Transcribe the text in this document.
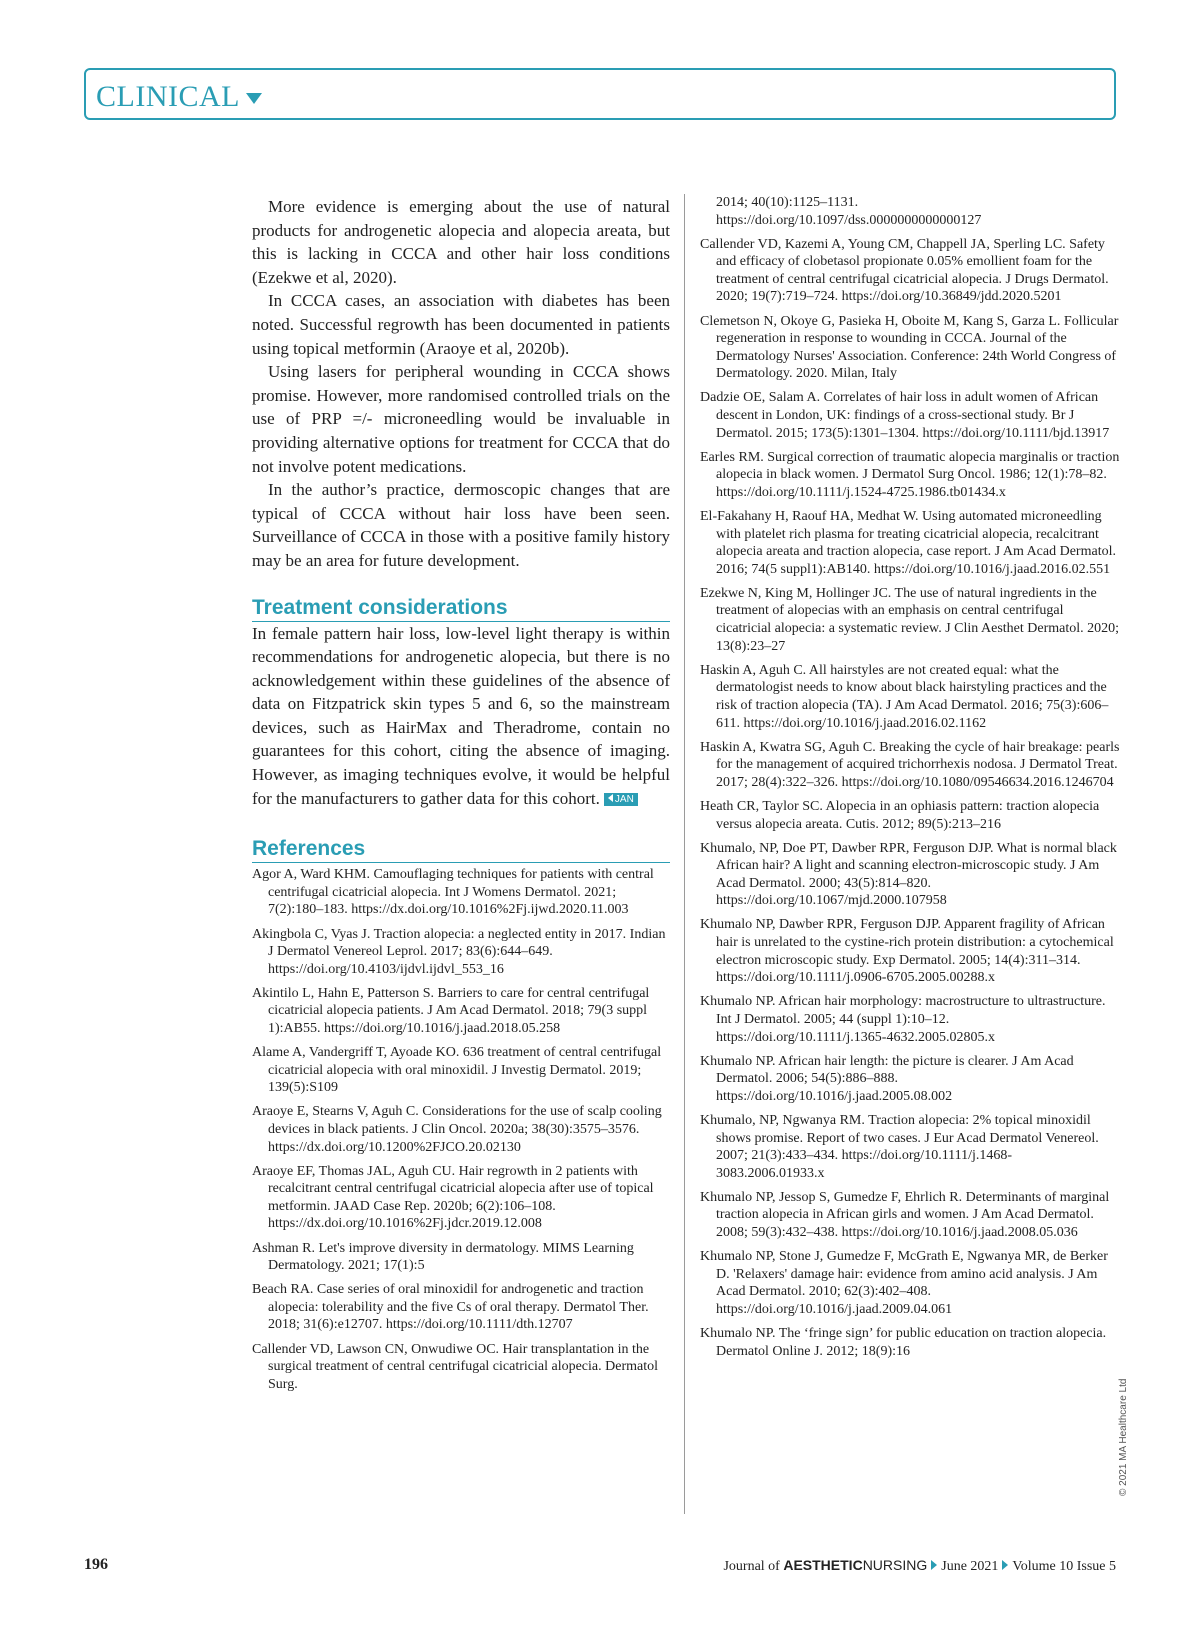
CLINICAL

More evidence is emerging about the use of natural products for androgenetic alopecia and alopecia areata, but this is lacking in CCCA and other hair loss conditions (Ezekwe et al, 2020).

In CCCA cases, an association with diabetes has been noted. Successful regrowth has been documented in patients using topical metformin (Araoye et al, 2020b).

Using lasers for peripheral wounding in CCCA shows promise. However, more randomised controlled trials on the use of PRP =/- microneedling would be invaluable in providing alternative options for treatment for CCCA that do not involve potent medications.

In the author’s practice, dermoscopic changes that are typical of CCCA without hair loss have been seen. Surveillance of CCCA in those with a positive family history may be an area for future development.

Treatment considerations

In female pattern hair loss, low-level light therapy is within recommendations for androgenetic alopecia, but there is no acknowledgement within these guidelines of the absence of data on Fitzpatrick skin types 5 and 6, so the mainstream devices, such as HairMax and Theradrome, contain no guarantees for this cohort, citing the absence of imaging. However, as imaging techniques evolve, it would be helpful for the manufacturers to gather data for this cohort. JAN

References
Agor A, Ward KHM. Camouflaging techniques for patients with central centrifugal cicatricial alopecia. Int J Womens Dermatol. 2021; 7(2):180–183. https://dx.doi.org/10.1016%2Fj.ijwd.2020.11.003
Akingbola C, Vyas J. Traction alopecia: a neglected entity in 2017. Indian J Dermatol Venereol Leprol. 2017; 83(6):644–649. https://doi.org/10.4103/ijdvl.ijdvl_553_16
Akintilo L, Hahn E, Patterson S. Barriers to care for central centrifugal cicatricial alopecia patients. J Am Acad Dermatol. 2018; 79(3 suppl 1):AB55. https://doi.org/10.1016/j.jaad.2018.05.258
Alame A, Vandergriff T, Ayoade KO. 636 treatment of central centrifugal cicatricial alopecia with oral minoxidil. J Investig Dermatol. 2019; 139(5):S109
Araoye E, Stearns V, Aguh C. Considerations for the use of scalp cooling devices in black patients. J Clin Oncol. 2020a; 38(30):3575–3576. https://dx.doi.org/10.1200%2FJCO.20.02130
Araoye EF, Thomas JAL, Aguh CU. Hair regrowth in 2 patients with recalcitrant central centrifugal cicatricial alopecia after use of topical metformin. JAAD Case Rep. 2020b; 6(2):106–108. https://dx.doi.org/10.1016%2Fj.jdcr.2019.12.008
Ashman R. Let's improve diversity in dermatology. MIMS Learning Dermatology. 2021; 17(1):5
Beach RA. Case series of oral minoxidil for androgenetic and traction alopecia: tolerability and the five Cs of oral therapy. Dermatol Ther. 2018; 31(6):e12707. https://doi.org/10.1111/dth.12707
Callender VD, Lawson CN, Onwudiwe OC. Hair transplantation in the surgical treatment of central centrifugal cicatricial alopecia. Dermatol Surg.
2014; 40(10):1125–1131. https://doi.org/10.1097/dss.0000000000000127
Callender VD, Kazemi A, Young CM, Chappell JA, Sperling LC. Safety and efficacy of clobetasol propionate 0.05% emollient foam for the treatment of central centrifugal cicatricial alopecia. J Drugs Dermatol. 2020; 19(7):719–724. https://doi.org/10.36849/jdd.2020.5201
Clemetson N, Okoye G, Pasieka H, Oboite M, Kang S, Garza L. Follicular regeneration in response to wounding in CCCA. Journal of the Dermatology Nurses' Association. Conference: 24th World Congress of Dermatology. 2020. Milan, Italy
Dadzie OE, Salam A. Correlates of hair loss in adult women of African descent in London, UK: findings of a cross-sectional study. Br J Dermatol. 2015; 173(5):1301–1304. https://doi.org/10.1111/bjd.13917
Earles RM. Surgical correction of traumatic alopecia marginalis or traction alopecia in black women. J Dermatol Surg Oncol. 1986; 12(1):78–82. https://doi.org/10.1111/j.1524-4725.1986.tb01434.x
El-Fakahany H, Raouf HA, Medhat W. Using automated microneedling with platelet rich plasma for treating cicatricial alopecia, recalcitrant alopecia areata and traction alopecia, case report. J Am Acad Dermatol. 2016; 74(5 suppl1):AB140. https://doi.org/10.1016/j.jaad.2016.02.551
Ezekwe N, King M, Hollinger JC. The use of natural ingredients in the treatment of alopecias with an emphasis on central centrifugal cicatricial alopecia: a systematic review. J Clin Aesthet Dermatol. 2020; 13(8):23–27
Haskin A, Aguh C. All hairstyles are not created equal: what the dermatologist needs to know about black hairstyling practices and the risk of traction alopecia (TA). J Am Acad Dermatol. 2016; 75(3):606–611. https://doi.org/10.1016/j.jaad.2016.02.1162
Haskin A, Kwatra SG, Aguh C. Breaking the cycle of hair breakage: pearls for the management of acquired trichorrhexis nodosa. J Dermatol Treat. 2017; 28(4):322–326. https://doi.org/10.1080/09546634.2016.1246704
Heath CR, Taylor SC. Alopecia in an ophiasis pattern: traction alopecia versus alopecia areata. Cutis. 2012; 89(5):213–216
Khumalo, NP, Doe PT, Dawber RPR, Ferguson DJP. What is normal black African hair? A light and scanning electron-microscopic study. J Am Acad Dermatol. 2000; 43(5):814–820. https://doi.org/10.1067/mjd.2000.107958
Khumalo NP, Dawber RPR, Ferguson DJP. Apparent fragility of African hair is unrelated to the cystine-rich protein distribution: a cytochemical electron microscopic study. Exp Dermatol. 2005; 14(4):311–314. https://doi.org/10.1111/j.0906-6705.2005.00288.x
Khumalo NP. African hair morphology: macrostructure to ultrastructure. Int J Dermatol. 2005; 44 (suppl 1):10–12. https://doi.org/10.1111/j.1365-4632.2005.02805.x
Khumalo NP. African hair length: the picture is clearer. J Am Acad Dermatol. 2006; 54(5):886–888. https://doi.org/10.1016/j.jaad.2005.08.002
Khumalo, NP, Ngwanya RM. Traction alopecia: 2% topical minoxidil shows promise. Report of two cases. J Eur Acad Dermatol Venereol. 2007; 21(3):433–434. https://doi.org/10.1111/j.1468-3083.2006.01933.x
Khumalo NP, Jessop S, Gumedze F, Ehrlich R. Determinants of marginal traction alopecia in African girls and women. J Am Acad Dermatol. 2008; 59(3):432–438. https://doi.org/10.1016/j.jaad.2008.05.036
Khumalo NP, Stone J, Gumedze F, McGrath E, Ngwanya MR, de Berker D. 'Relaxers' damage hair: evidence from amino acid analysis. J Am Acad Dermatol. 2010; 62(3):402–408. https://doi.org/10.1016/j.jaad.2009.04.061
Khumalo NP. The ‘fringe sign’ for public education on traction alopecia. Dermatol Online J. 2012; 18(9):16
© 2021 MA Healthcare Ltd
196	Journal of AESTHETICNURSING June 2021 Volume 10 Issue 5
